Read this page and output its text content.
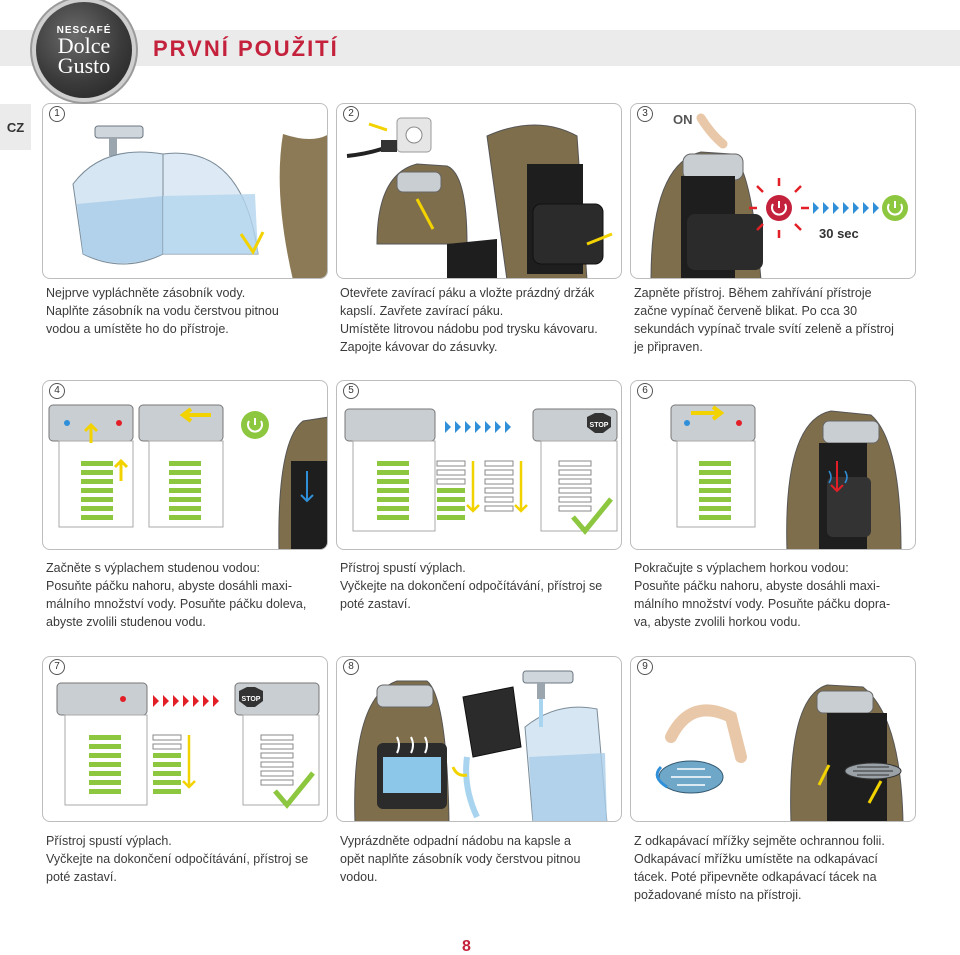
NESCAFÉ
Dolce
Gusto
PRVNÍ POUŽITÍ
CZ
1

Nejprve vypláchněte zásobník vody.

Naplňte zásobník na vodu čerstvou pitnou

vodou a umístěte ho do přístroje.

2

Otevřete zavírací páku a vložte prázdný držák

kapslí. Zavřete zavírací páku.

Umístěte litrovou nádobu pod trysku kávovaru.

Zapojte kávovar do zásuvky.

3	ON
30 sec

Zapněte přístroj. Během zahřívání přístroje

začne vypínač červeně blikat. Po cca 30

sekundách vypínač trvale svítí zeleně a přístroj

je připraven.

4

Začněte s výplachem studenou vodou:

Posuňte páčku nahoru, abyste dosáhli maxi-

málního množství vody. Posuňte páčku doleva,

abyste zvolili studenou vodu.

5
STOP

Přístroj spustí výplach.

Vyčkejte na dokončení odpočítávání, přístroj se

poté zastaví.

6

Pokračujte s výplachem horkou vodou:

Posuňte páčku nahoru, abyste dosáhli maxi-

málního množství vody. Posuňte páčku dopra-

va, abyste zvolili horkou vodu.

7
STOP

Přístroj spustí výplach.

Vyčkejte na dokončení odpočítávání, přístroj se

poté zastaví.

8

Vyprázdněte odpadní nádobu na kapsle a

opět naplňte zásobník vody čerstvou pitnou

vodou.

9

Z odkapávací mřížky sejměte ochrannou folii.

Odkapávací mřížku umístěte na odkapávací

tácek. Poté připevněte odkapávací tácek na

požadované místo na přístroji.

8
